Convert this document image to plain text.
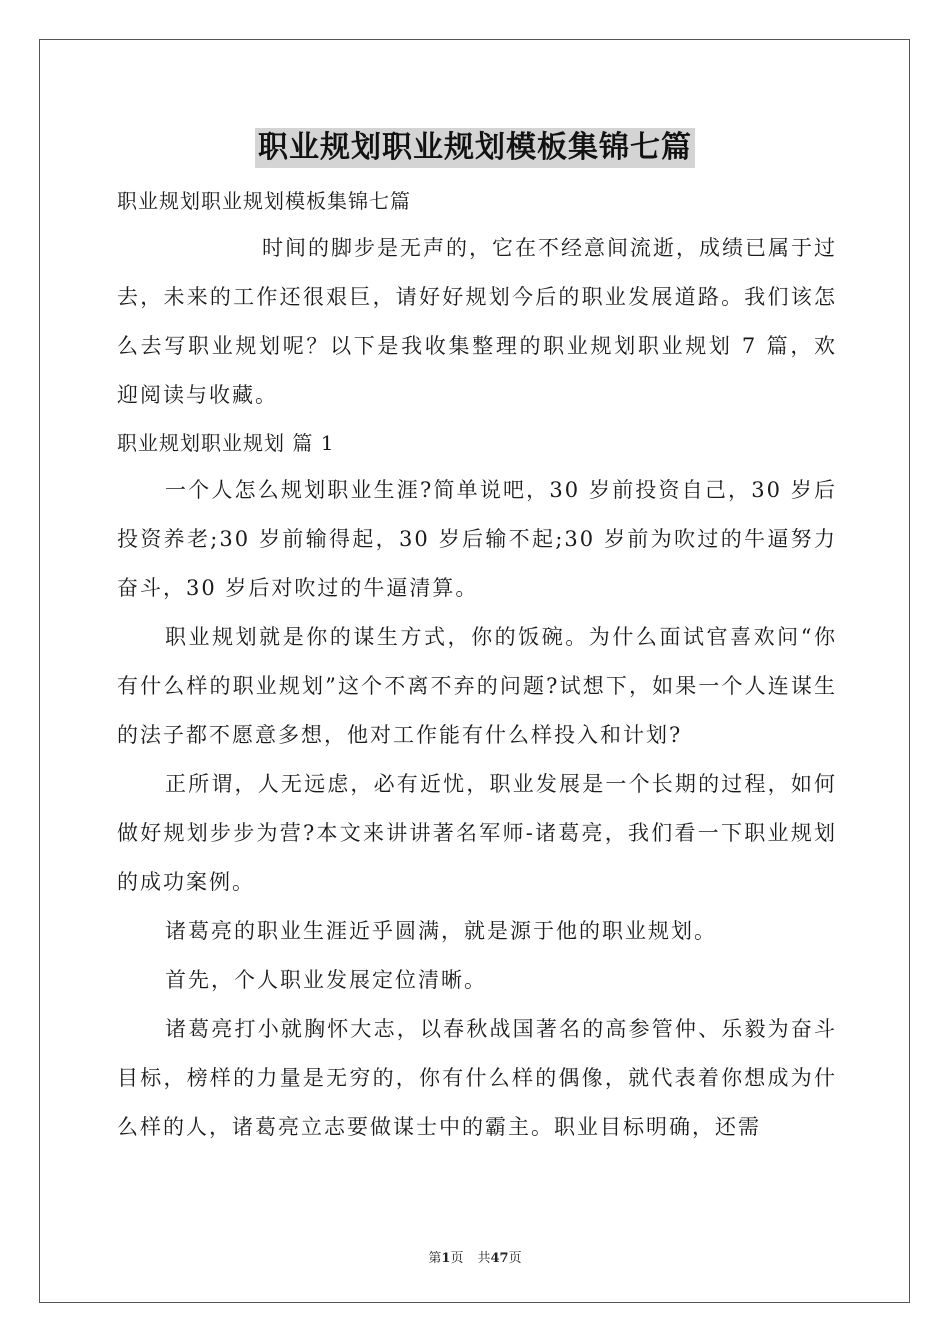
职业规划职业规划模板集锦七篇

职业规划职业规划模板集锦七篇

时间的脚步是无声的，它在不经意间流逝，成绩已属于过去，未来的工作还很艰巨，请好好规划今后的职业发展道路。我们该怎么去写职业规划呢？以下是我收集整理的职业规划职业规划 7 篇，欢迎阅读与收藏。

职业规划职业规划 篇 1

一个人怎么规划职业生涯?简单说吧，30 岁前投资自己，30 岁后投资养老;30 岁前输得起，30 岁后输不起;30 岁前为吹过的牛逼努力奋斗，30 岁后对吹过的牛逼清算。

职业规划就是你的谋生方式，你的饭碗。为什么面试官喜欢问“你有什么样的职业规划”这个不离不弃的问题?试想下，如果一个人连谋生的法子都不愿意多想，他对工作能有什么样投入和计划?

正所谓，人无远虑，必有近忧，职业发展是一个长期的过程，如何做好规划步步为营?本文来讲讲著名军师-诸葛亮，我们看一下职业规划的成功案例。

诸葛亮的职业生涯近乎圆满，就是源于他的职业规划。

首先，个人职业发展定位清晰。

诸葛亮打小就胸怀大志，以春秋战国著名的高参管仲、乐毅为奋斗目标，榜样的力量是无穷的，你有什么样的偶像，就代表着你想成为什么样的人，诸葛亮立志要做谋士中的霸主。职业目标明确，还需

第1页 共47页
